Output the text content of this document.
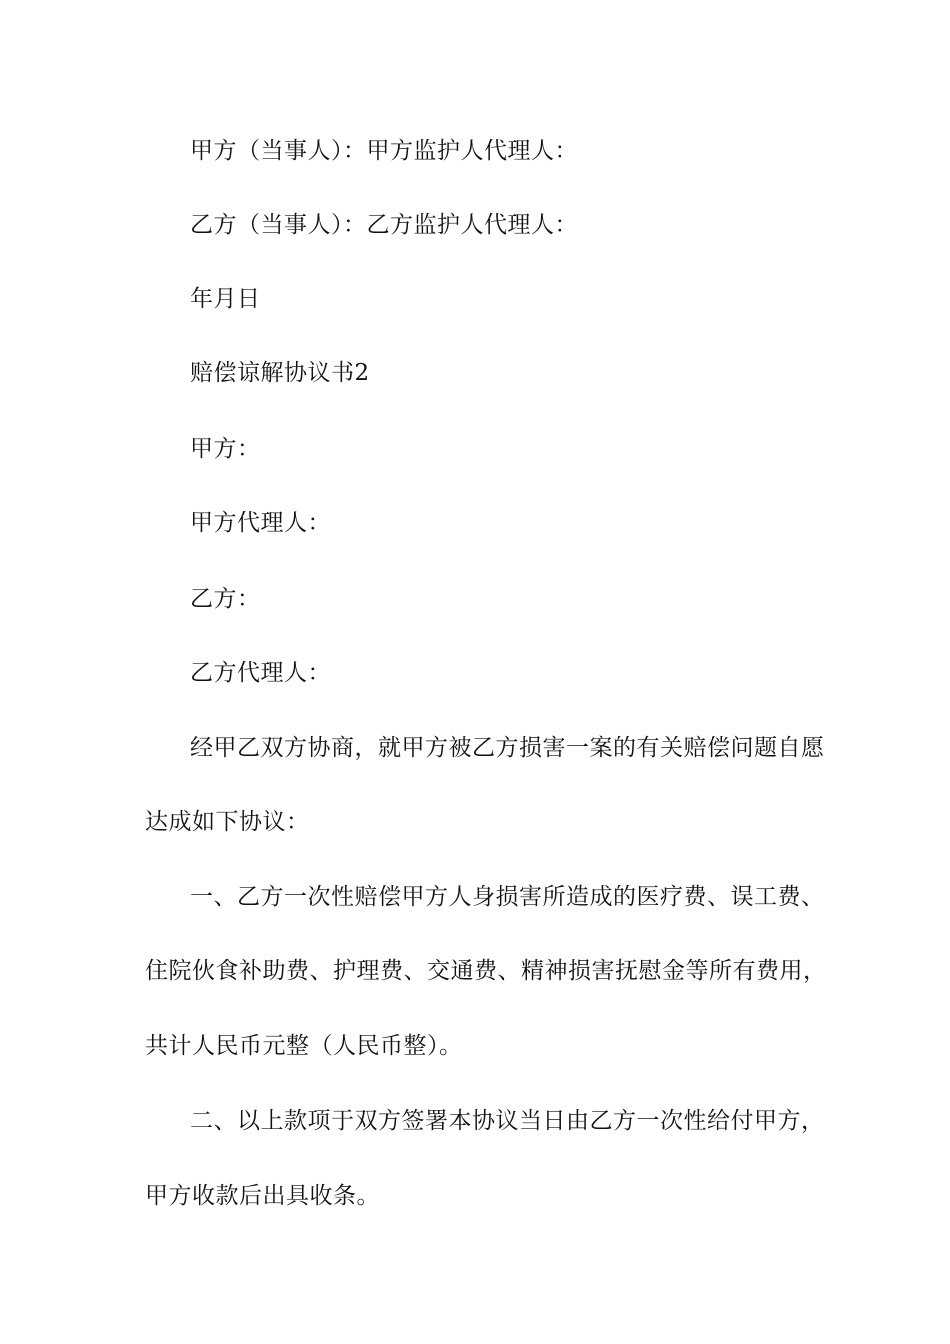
甲方（当事人）：甲方监护人代理人：
乙方（当事人）：乙方监护人代理人：
年月日
赔偿谅解协议书2
甲方：
甲方代理人：
乙方：
乙方代理人：
经甲乙双方协商，就甲方被乙方损害一案的有关赔偿问题自愿
达成如下协议：
一、乙方一次性赔偿甲方人身损害所造成的医疗费、误工费、
住院伙食补助费、护理费、交通费、精神损害抚慰金等所有费用，
共计人民币元整（人民币整）。
二、以上款项于双方签署本协议当日由乙方一次性给付甲方，
甲方收款后出具收条。
